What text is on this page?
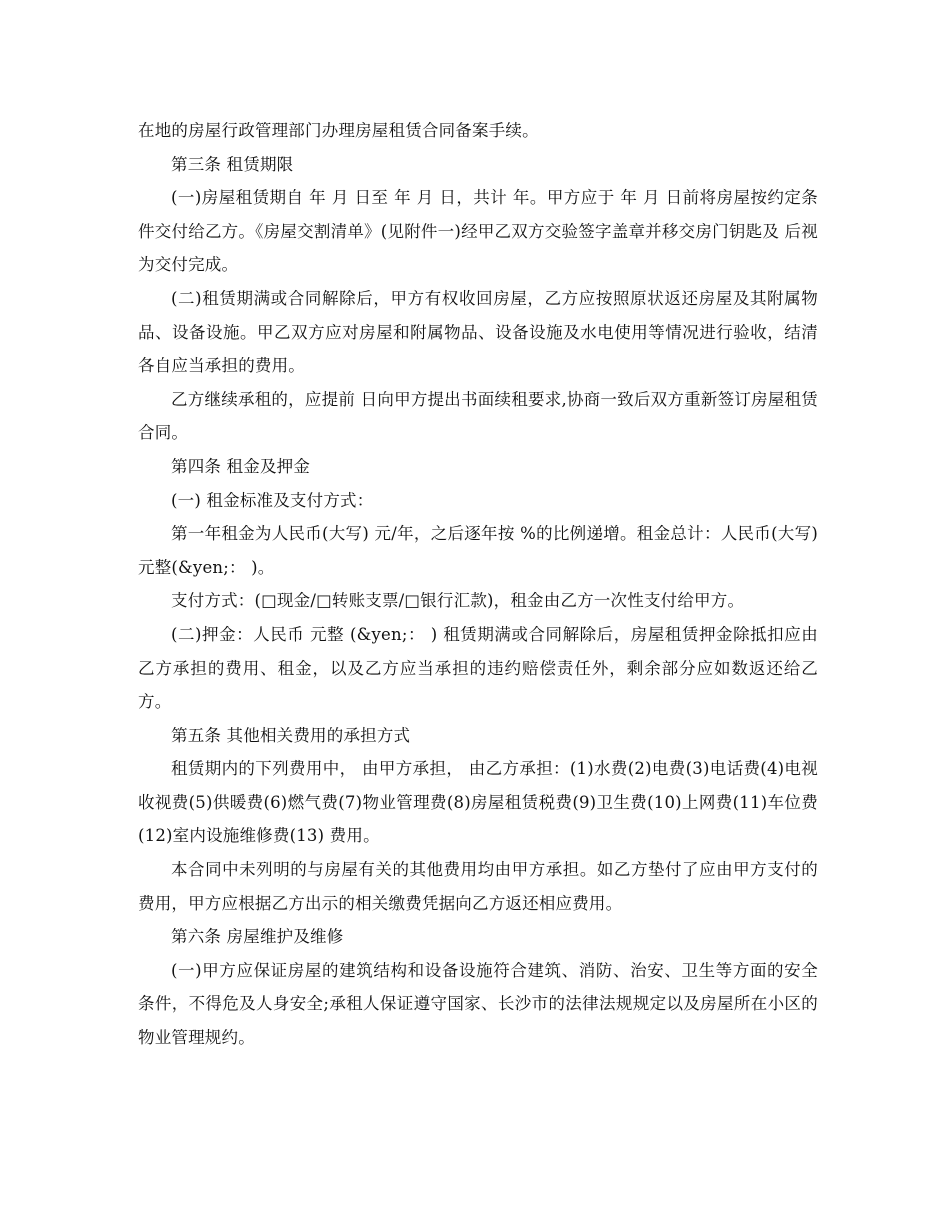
在地的房屋行政管理部门办理房屋租赁合同备案手续。

第三条 租赁期限

(一)房屋租赁期自 年 月 日至 年 月 日，共计 年。甲方应于 年 月 日前将房屋按约定条件交付给乙方。《房屋交割清单》(见附件一)经甲乙双方交验签字盖章并移交房门钥匙及 后视为交付完成。

(二)租赁期满或合同解除后，甲方有权收回房屋，乙方应按照原状返还房屋及其附属物品、设备设施。甲乙双方应对房屋和附属物品、设备设施及水电使用等情况进行验收，结清各自应当承担的费用。

乙方继续承租的，应提前 日向甲方提出书面续租要求,协商一致后双方重新签订房屋租赁合同。

第四条 租金及押金

(一) 租金标准及支付方式：

第一年租金为人民币(大写) 元/年，之后逐年按 %的比例递增。租金总计：人民币(大写) 元整(&yen;： )。

支付方式：(□现金/□转账支票/□银行汇款)，租金由乙方一次性支付给甲方。

(二)押金：人民币 元整 (&yen;： ) 租赁期满或合同解除后，房屋租赁押金除抵扣应由乙方承担的费用、租金，以及乙方应当承担的违约赔偿责任外，剩余部分应如数返还给乙方。

第五条 其他相关费用的承担方式

租赁期内的下列费用中， 由甲方承担， 由乙方承担：(1)水费(2)电费(3)电话费(4)电视收视费(5)供暖费(6)燃气费(7)物业管理费(8)房屋租赁税费(9)卫生费(10)上网费(11)车位费(12)室内设施维修费(13) 费用。

本合同中未列明的与房屋有关的其他费用均由甲方承担。如乙方垫付了应由甲方支付的费用，甲方应根据乙方出示的相关缴费凭据向乙方返还相应费用。

第六条 房屋维护及维修

(一)甲方应保证房屋的建筑结构和设备设施符合建筑、消防、治安、卫生等方面的安全条件，不得危及人身安全;承租人保证遵守国家、长沙市的法律法规规定以及房屋所在小区的物业管理规约。
